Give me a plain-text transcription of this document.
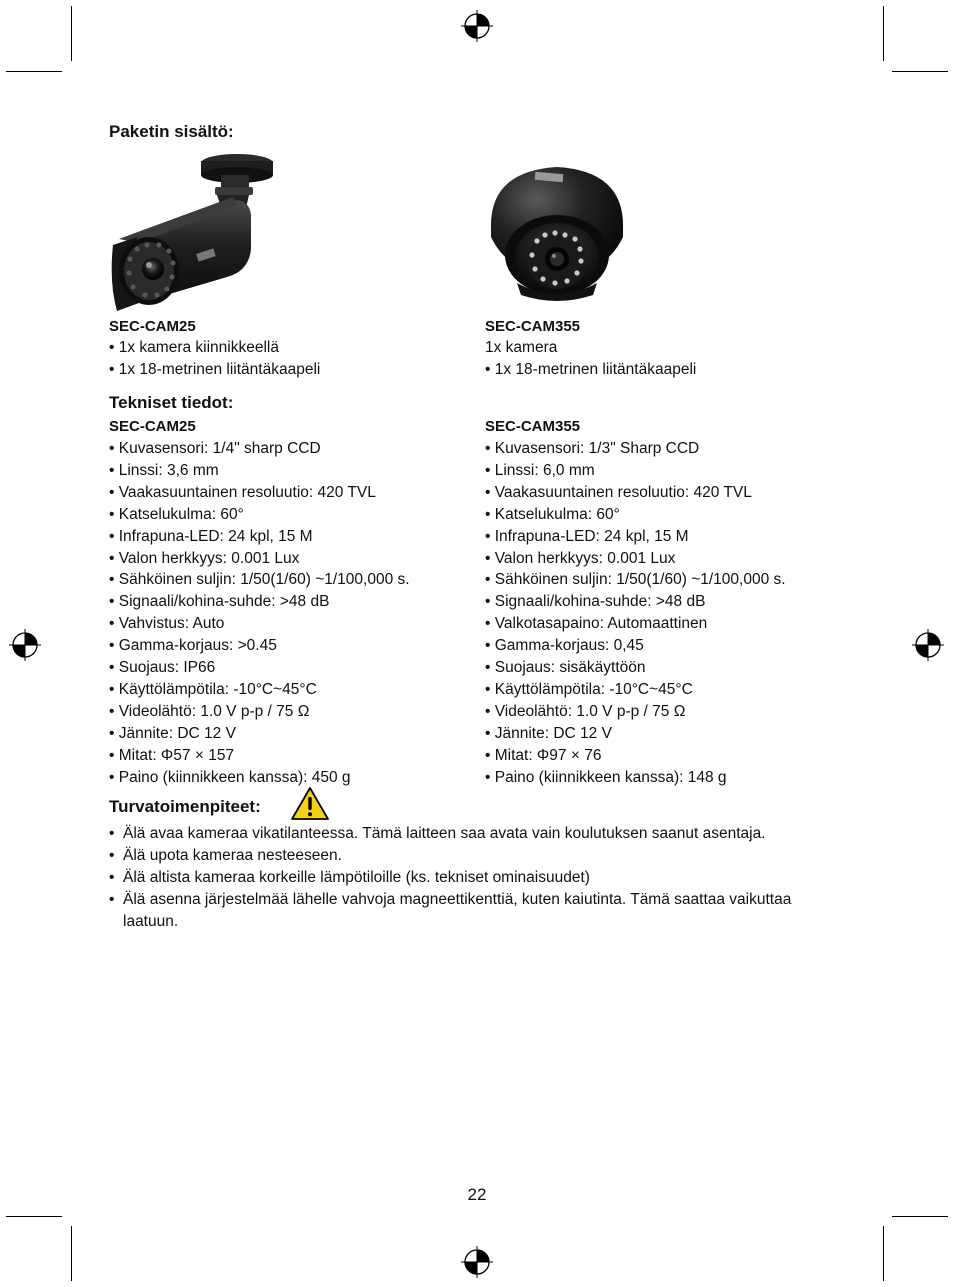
Paketin sisältö:
SEC-CAM25
• 1x kamera kiinnikkeellä
• 1x 18-metrinen liitäntäkaapeli
SEC-CAM355
1x kamera
• 1x 18-metrinen liitäntäkaapeli
Tekniset tiedot:
SEC-CAM25
• Kuvasensori: 1/4" sharp CCD
• Linssi: 3,6 mm
• Vaakasuuntainen resoluutio: 420 TVL
• Katselukulma: 60°
• Infrapuna-LED: 24 kpl, 15 M
• Valon herkkyys: 0.001 Lux
• Sähköinen suljin: 1/50(1/60) ~1/100,000 s.
• Signaali/kohina-suhde: >48 dB
• Vahvistus: Auto
• Gamma-korjaus: >0.45
• Suojaus: IP66
• Käyttölämpötila: -10°C~45°C
• Videolähtö: 1.0 V p-p / 75 Ω
• Jännite: DC 12 V
• Mitat: Φ57 × 157
• Paino (kiinnikkeen kanssa): 450 g
SEC-CAM355
• Kuvasensori: 1/3" Sharp CCD
• Linssi: 6,0 mm
• Vaakasuuntainen resoluutio: 420 TVL
• Katselukulma: 60°
• Infrapuna-LED: 24 kpl, 15 M
• Valon herkkyys: 0.001 Lux
• Sähköinen suljin: 1/50(1/60) ~1/100,000 s.
• Signaali/kohina-suhde: >48 dB
• Valkotasapaino: Automaattinen
• Gamma-korjaus: 0,45
• Suojaus: sisäkäyttöön
• Käyttölämpötila: -10°C~45°C
• Videolähtö: 1.0 V p-p / 75 Ω
• Jännite: DC 12 V
• Mitat: Φ97 × 76
• Paino (kiinnikkeen kanssa): 148 g
Turvatoimenpiteet:
• Älä avaa kameraa vikatilanteessa. Tämä laitteen saa avata vain koulutuksen saanut asentaja.
• Älä upota kameraa nesteeseen.
• Älä altista kameraa korkeille lämpötiloille (ks. tekniset ominaisuudet)
• Älä asenna järjestelmää lähelle vahvoja magneettikenttiä, kuten kaiutinta. Tämä saattaa vaikuttaa laatuun.
22
